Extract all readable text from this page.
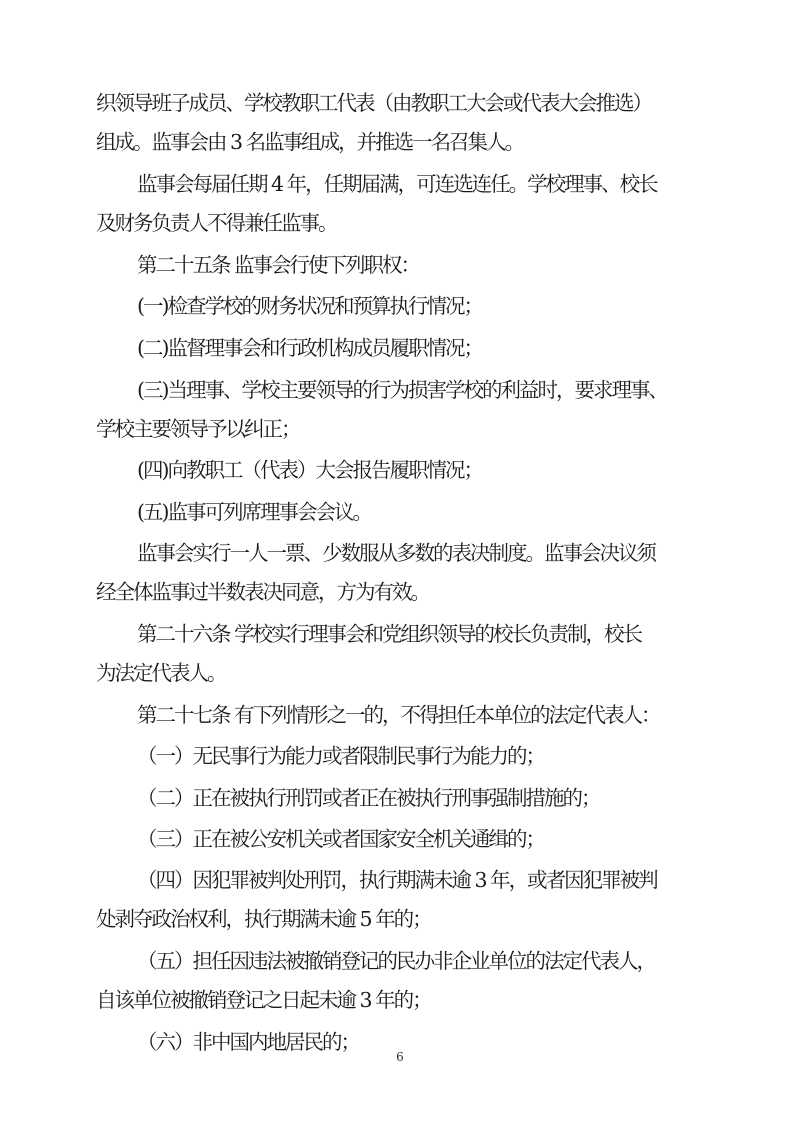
织领导班子成员、学校教职工代表（由教职工大会或代表大会推选）
组成。监事会由 3 名监事组成，并推选一名召集人。
监事会每届任期 4 年，任期届满，可连选连任。学校理事、校长
及财务负责人不得兼任监事。
第二十五条 监事会行使下列职权：
(一)检查学校的财务状况和预算执行情况；
(二)监督理事会和行政机构成员履职情况；
(三)当理事、学校主要领导的行为损害学校的利益时，要求理事、
学校主要领导予以纠正；
(四)向教职工（代表）大会报告履职情况；
(五)监事可列席理事会会议。
监事会实行一人一票、少数服从多数的表决制度。监事会决议须
经全体监事过半数表决同意，方为有效。
第二十六条 学校实行理事会和党组织领导的校长负责制，校长
为法定代表人。
第二十七条 有下列情形之一的，不得担任本单位的法定代表人：
（一）无民事行为能力或者限制民事行为能力的；
（二）正在被执行刑罚或者正在被执行刑事强制措施的；
（三）正在被公安机关或者国家安全机关通缉的；
（四）因犯罪被判处刑罚，执行期满未逾 3 年，或者因犯罪被判
处剥夺政治权利，执行期满未逾 5 年的；
（五）担任因违法被撤销登记的民办非企业单位的法定代表人，
自该单位被撤销登记之日起未逾 3 年的；
（六）非中国内地居民的；
6
